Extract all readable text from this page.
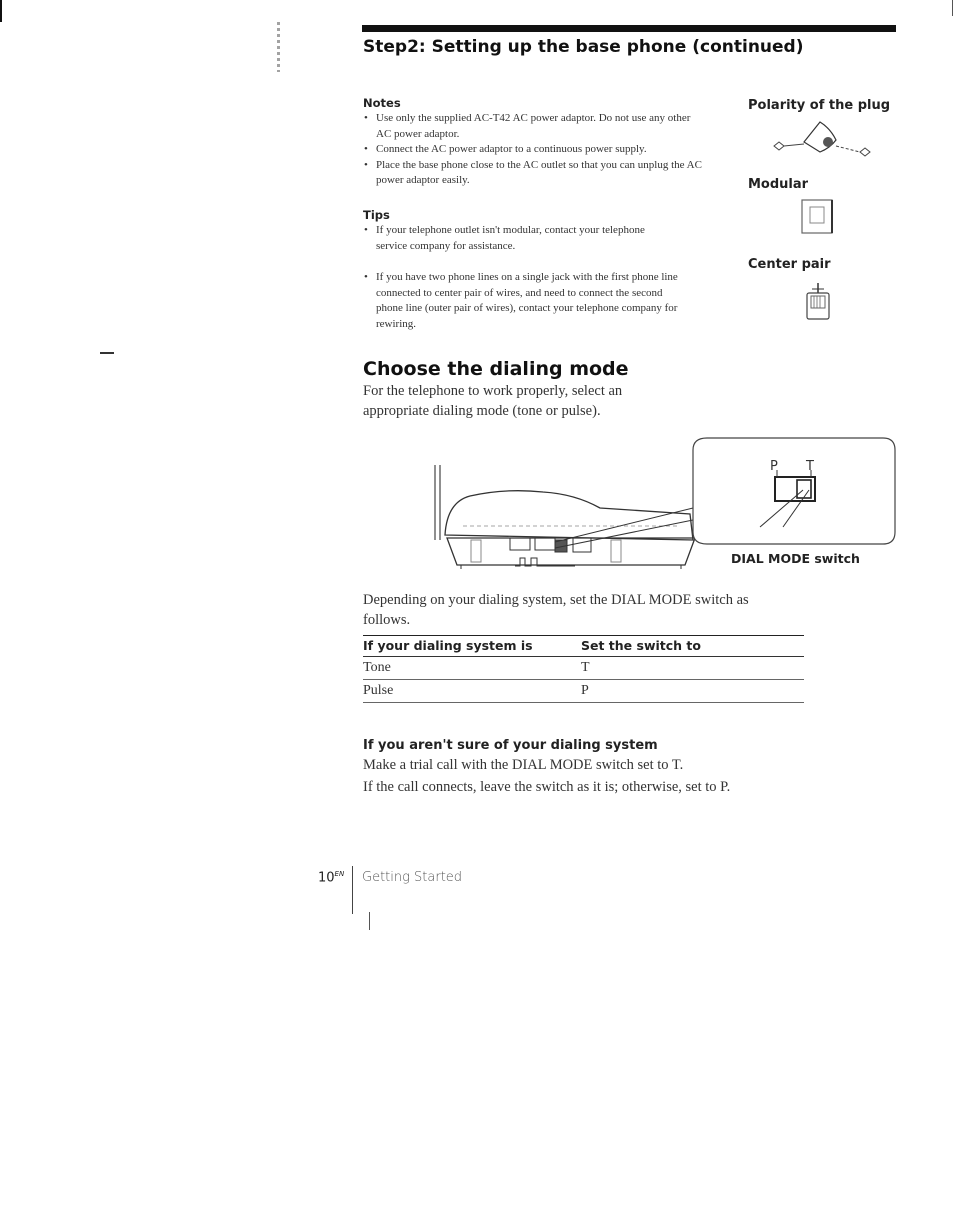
Step2: Setting up the base phone (continued)
Notes
• Use only the supplied AC-T42 AC power adaptor. Do not use any other AC power adaptor.
• Connect the AC power adaptor to a continuous power supply.
• Place the base phone close to the AC outlet so that you can unplug the AC power adaptor easily.
Tips
• If your telephone outlet isn't modular, contact your telephone service company for assistance.
• If you have two phone lines on a single jack with the first phone line connected to center pair of wires, and need to connect the second phone line (outer pair of wires), contact your telephone company for rewiring.
Polarity of the plug
Modular
Center pair
Choose the dialing mode
For the telephone to work properly, select an appropriate dialing mode (tone or pulse).
P T
DIAL MODE switch
Depending on your dialing system, set the DIAL MODE switch as follows.
If your dialing system is	Set the switch to
Tone	T
Pulse	P
If you aren't sure of your dialing system
Make a trial call with the DIAL MODE switch set to T.
If the call connects, leave the switch as it is; otherwise, set to P.
$10^{EN}$ Getting Started
